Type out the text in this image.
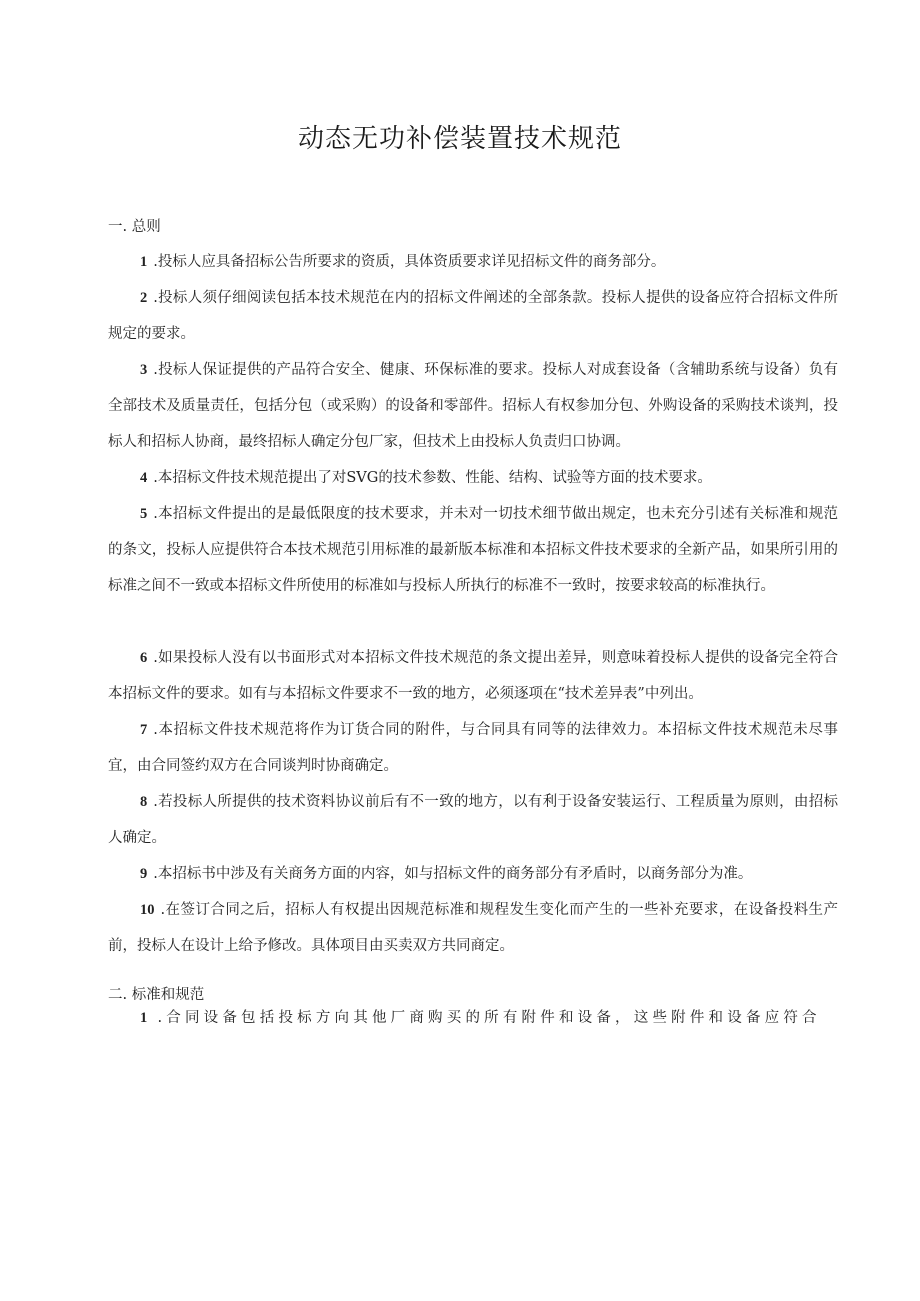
动态无功补偿装置技术规范
一. 总则
1 .投标人应具备招标公告所要求的资质，具体资质要求详见招标文件的商务部分。
2 .投标人须仔细阅读包括本技术规范在内的招标文件阐述的全部条款。投标人提供的设备应符合招标文件所规定的要求。
3 .投标人保证提供的产品符合安全、健康、环保标准的要求。投标人对成套设备（含辅助系统与设备）负有全部技术及质量责任，包括分包（或采购）的设备和零部件。招标人有权参加分包、外购设备的采购技术谈判，投标人和招标人协商，最终招标人确定分包厂家，但技术上由投标人负责归口协调。
4 .本招标文件技术规范提出了对SVG的技术参数、性能、结构、试验等方面的技术要求。
5 .本招标文件提出的是最低限度的技术要求，并未对一切技术细节做出规定，也未充分引述有关标准和规范的条文，投标人应提供符合本技术规范引用标准的最新版本标准和本招标文件技术要求的全新产品，如果所引用的标准之间不一致或本招标文件所使用的标准如与投标人所执行的标准不一致时，按要求较高的标准执行。
6 .如果投标人没有以书面形式对本招标文件技术规范的条文提出差异，则意味着投标人提供的设备完全符合本招标文件的要求。如有与本招标文件要求不一致的地方，必须逐项在“技术差异表”中列出。
7 .本招标文件技术规范将作为订货合同的附件，与合同具有同等的法律效力。本招标文件技术规范未尽事宜，由合同签约双方在合同谈判时协商确定。
8 .若投标人所提供的技术资料协议前后有不一致的地方，以有利于设备安装运行、工程质量为原则，由招标人确定。
9 .本招标书中涉及有关商务方面的内容，如与招标文件的商务部分有矛盾时，以商务部分为准。
10 .在签订合同之后，招标人有权提出因规范标准和规程发生变化而产生的一些补充要求，在设备投料生产前，投标人在设计上给予修改。具体项目由买卖双方共同商定。
二. 标准和规范
1 .合同设备包括投标方向其他厂商购买的所有附件和设备，这些附件和设备应符合
